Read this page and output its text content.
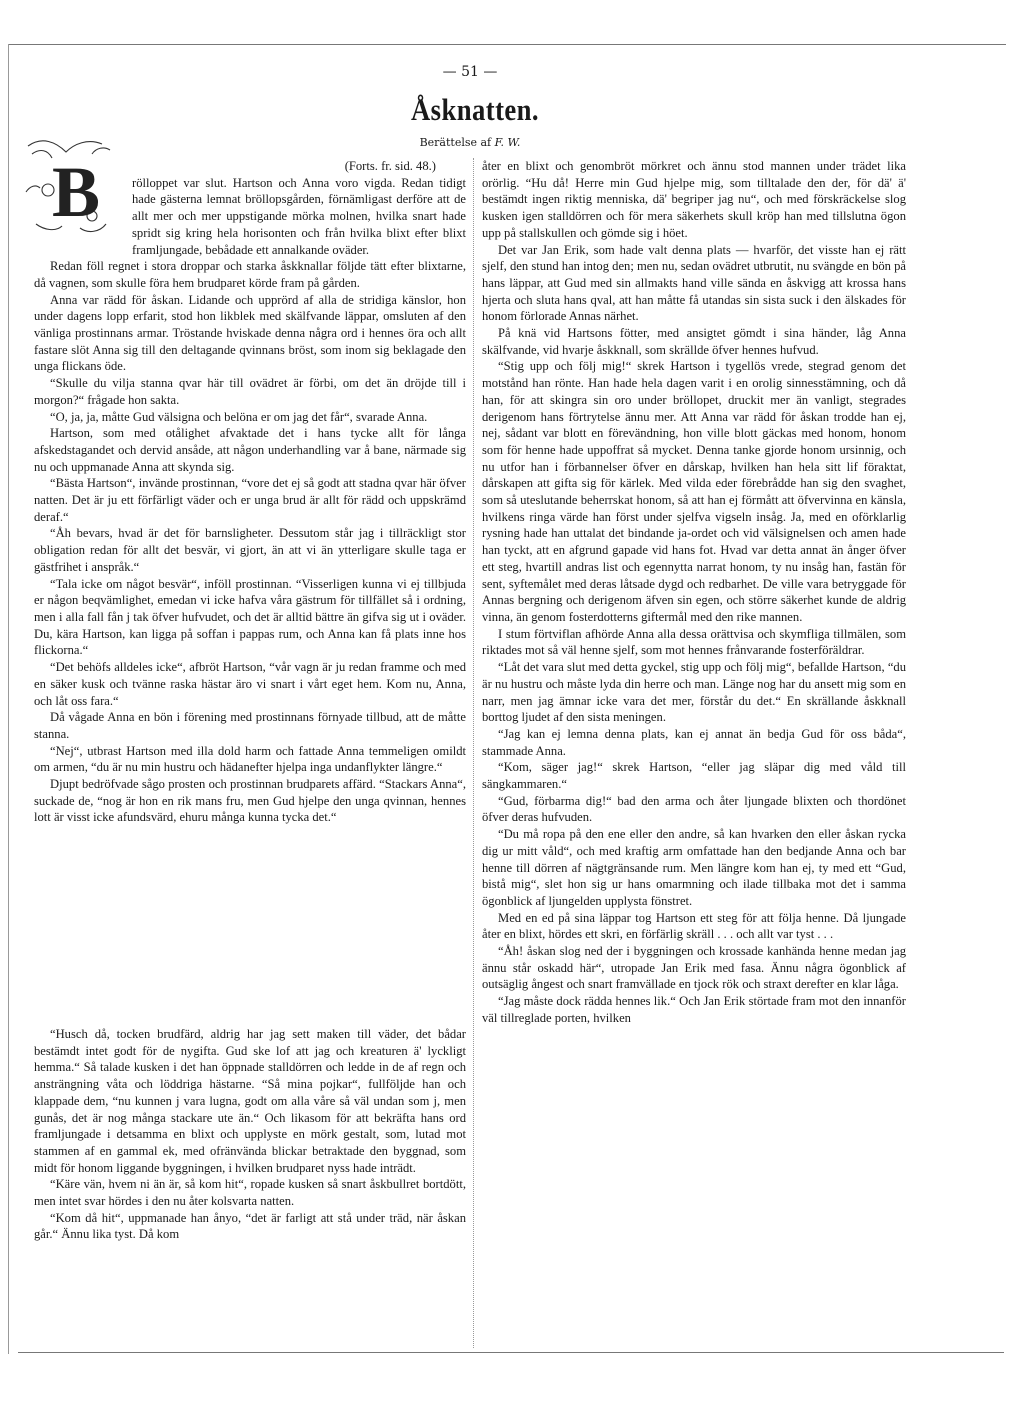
— 51 —
Åsknatten.
Berättelse af F. W.
B	(Forts. fr. sid. 48.)

rölloppet var slut. Hartson och Anna voro vigda. Redan tidigt hade gästerna lemnat bröllopsgården, förnämligast derföre att de allt mer och mer uppstigande mörka molnen, hvilka snart hade spridt sig kring hela horisonten och från hvilka blixt efter blixt framljungade, bebådade ett annalkande oväder.

Redan föll regnet i stora droppar och starka åskknallar följde tätt efter blixtarne, då vagnen, som skulle föra hem brudparet körde fram på gården.

Anna var rädd för åskan. Lidande och upprörd af alla de stridiga känslor, hon under dagens lopp erfarit, stod hon likblek med skälfvande läppar, omsluten af den vänliga prostinnans armar. Tröstande hviskade denna några ord i hennes öra och allt fastare slöt Anna sig till den deltagande qvinnans bröst, som inom sig beklagade den unga flickans öde.

“Skulle du vilja stanna qvar här till ovädret är förbi, om det än dröjde till i morgon?“ frågade hon sakta.

“O, ja, ja, måtte Gud välsigna och belöna er om jag det får“, svarade Anna.

Hartson, som med otålighet afvaktade det i hans tycke allt för långa afskedstagandet och dervid ansåde, att någon underhandling var å bane, närmade sig nu och uppmanade Anna att skynda sig.

“Bästa Hartson“, invände prostinnan, “vore det ej så godt att stadna qvar här öfver natten. Det är ju ett förfärligt väder och er unga brud är allt för rädd och uppskrämd deraf.“

“Åh bevars, hvad är det för barnsligheter. Dessutom står jag i tillräckligt stor obligation redan för allt det besvär, vi gjort, än att vi än ytterligare skulle taga er gästfrihet i anspråk.“

“Tala icke om något besvär“, inföll prostinnan. “Visserligen kunna vi ej tillbjuda er någon beqvämlighet, emedan vi icke hafva våra gästrum för tillfället så i ordning, men i alla fall fån j tak öfver hufvudet, och det är alltid bättre än gifva sig ut i oväder. Du, kära Hartson, kan ligga på soffan i pappas rum, och Anna kan få plats inne hos flickorna.“

“Det behöfs alldeles icke“, afbröt Hartson, “vår vagn är ju redan framme och med en säker kusk och tvänne raska hästar äro vi snart i vårt eget hem. Kom nu, Anna, och låt oss fara.“

Då vågade Anna en bön i förening med prostinnans förnyade tillbud, att de måtte stanna.

“Nej“, utbrast Hartson med illa dold harm och fattade Anna temmeligen omildt om armen, “du är nu min hustru och hädanefter hjelpa inga undanflykter längre.“

Djupt bedröfvade sågo prosten och prostinnan brudparets affärd. “Stackars Anna“, suckade de, “nog är hon en rik mans fru, men Gud hjelpe den unga qvinnan, hennes lott är visst icke afundsvärd, ehuru många kunna tycka det.“

“Husch då, tocken brudfärd, aldrig har jag sett maken till väder, det bådar bestämdt intet godt för de nygifta. Gud ske lof att jag och kreaturen ä' lyckligt hemma.“ Så talade kusken i det han öppnade stalldörren och ledde in de af regn och ansträngning våta och löddriga hästarne. “Så mina pojkar“, fullföljde han och klappade dem, “nu kunnen j vara lugna, godt om alla våre så väl undan som j, men gunås, det är nog många stackare ute än.“ Och likasom för att bekräfta hans ord framljungade i detsamma en blixt och upplyste en mörk gestalt, som, lutad mot stammen af en gammal ek, med ofränvända blickar betraktade den byggnad, som midt för honom liggande byggningen, i hvilken brudparet nyss hade inträdt.

“Käre vän, hvem ni än är, så kom hit“, ropade kusken så snart åskbullret bortdött, men intet svar hördes i den nu åter kolsvarta natten.

“Kom då hit“, uppmanade han ånyo, “det är farligt att stå under träd, när åskan går.“ Ännu lika tyst. Då kom

åter en blixt och genombröt mörkret och ännu stod mannen under trädet lika orörlig. “Hu då! Herre min Gud hjelpe mig, som tilltalade den der, för dä' ä' bestämdt ingen riktig menniska, dä' begriper jag nu“, och med förskräckelse slog kusken igen stalldörren och för mera säkerhets skull kröp han med tillslutna ögon upp på stallskullen och gömde sig i höet.

Det var Jan Erik, som hade valt denna plats — hvarför, det visste han ej rätt sjelf, den stund han intog den; men nu, sedan ovädret utbrutit, nu svängde en bön på hans läppar, att Gud med sin allmakts hand ville sända en åskvigg att krossa hans hjerta och sluta hans qval, att han måtte få utandas sin sista suck i den älskades för honom förlorade Annas närhet.

På knä vid Hartsons fötter, med ansigtet gömdt i sina händer, låg Anna skälfvande, vid hvarje åskknall, som skrällde öfver hennes hufvud.

“Stig upp och följ mig!“ skrek Hartson i tygellös vrede, stegrad genom det motstånd han rönte. Han hade hela dagen varit i en orolig sinnesstämning, och då han, för att skingra sin oro under bröllopet, druckit mer än vanligt, stegrades derigenom hans förtrytelse ännu mer. Att Anna var rädd för åskan trodde han ej, nej, sådant var blott en förevändning, hon ville blott gäckas med honom, honom som för henne hade uppoffrat så mycket. Denna tanke gjorde honom ursinnig, och nu utfor han i förbannelser öfver en dårskap, hvilken han hela sitt lif föraktat, dårskapen att gifta sig för kärlek. Med vilda eder förebrådde han sig den svaghet, som så uteslutande beherrskat honom, så att han ej förmått att öfvervinna en känsla, hvilkens ringa värde han först under sjelfva vigseln insåg. Ja, med en oförklarlig rysning hade han uttalat det bindande ja-ordet och vid välsignelsen och amen hade han tyckt, att en afgrund gapade vid hans fot. Hvad var detta annat än ånger öfver ett steg, hvartill andras list och egennytta narrat honom, ty nu insåg han, fastän för sent, syftemålet med deras låtsade dygd och redbarhet. De ville vara betryggade för Annas bergning och derigenom äfven sin egen, och större säkerhet kunde de aldrig vinna, än genom fosterdotterns giftermål med den rike mannen.

I stum förtviflan afhörde Anna alla dessa orättvisa och skymfliga tillmälen, som riktades mot så väl henne sjelf, som mot hennes frånvarande fosterföräldrar.

“Låt det vara slut med detta gyckel, stig upp och följ mig“, befallde Hartson, “du är nu hustru och måste lyda din herre och man. Länge nog har du ansett mig som en narr, men jag ämnar icke vara det mer, förstår du det.“ En skrällande åskknall borttog ljudet af den sista meningen.

“Jag kan ej lemna denna plats, kan ej annat än bedja Gud för oss båda“, stammade Anna.

“Kom, säger jag!“ skrek Hartson, “eller jag släpar dig med våld till sängkammaren.“

“Gud, förbarma dig!“ bad den arma och åter ljungade blixten och thordönet öfver deras hufvuden.

“Du må ropa på den ene eller den andre, så kan hvarken den eller åskan rycka dig ur mitt våld“, och med kraftig arm omfattade han den bedjande Anna och bar henne till dörren af nägtgränsande rum. Men längre kom han ej, ty med ett “Gud, bistå mig“, slet hon sig ur hans omarmning och ilade tillbaka mot det i samma ögonblick af ljungelden upplysta fönstret.

Med en ed på sina läppar tog Hartson ett steg för att följa henne. Då ljungade åter en blixt, hördes ett skri, en förfärlig skräll . . . och allt var tyst . . .

“Åh! åskan slog ned der i byggningen och krossade kanhända henne medan jag ännu står oskadd här“, utropade Jan Erik med fasa. Ännu några ögonblick af outsäglig ångest och snart framvällade en tjock rök och straxt derefter en klar låga.

“Jag måste dock rädda hennes lik.“ Och Jan Erik störtade fram mot den innanför väl tillreglade porten, hvilken
